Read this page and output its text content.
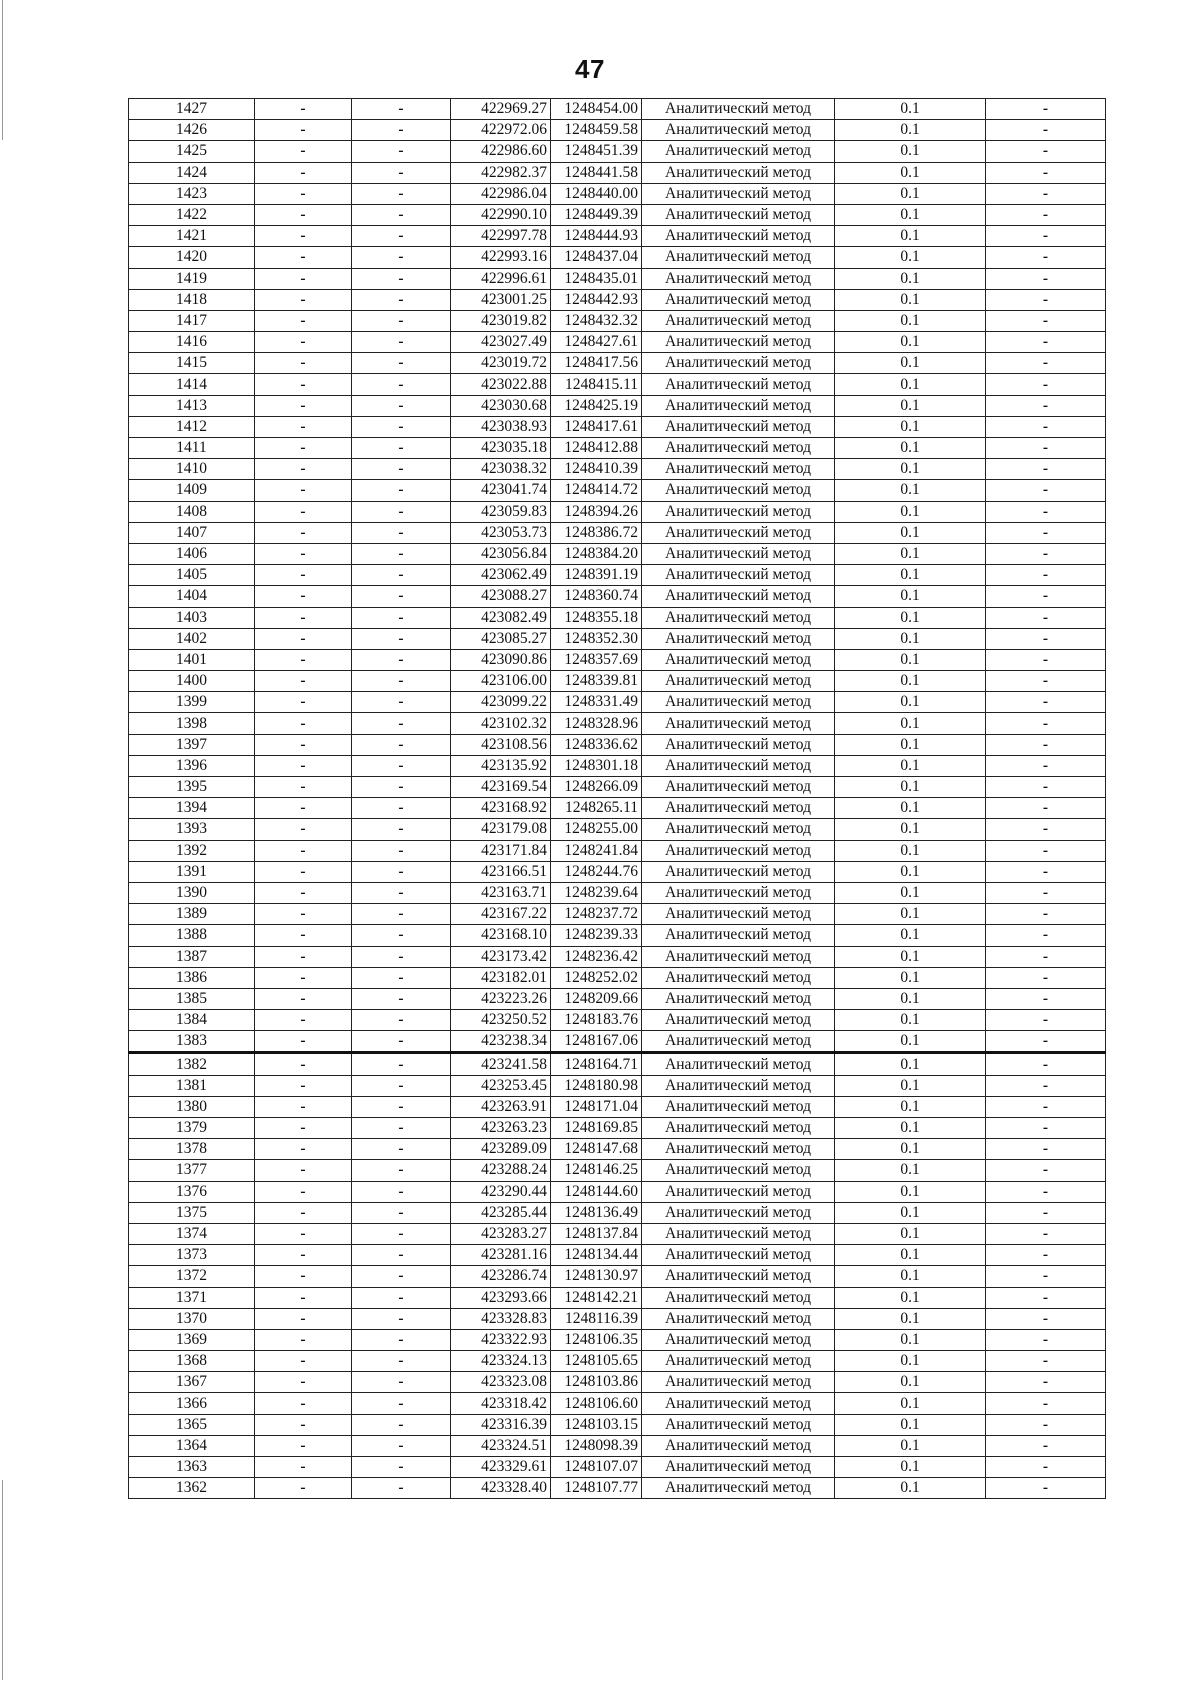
47
1427	-	-	422969.27	1248454.00	Аналитический метод	0.1	-
1426	-	-	422972.06	1248459.58	Аналитический метод	0.1	-
1425	-	-	422986.60	1248451.39	Аналитический метод	0.1	-
1424	-	-	422982.37	1248441.58	Аналитический метод	0.1	-
1423	-	-	422986.04	1248440.00	Аналитический метод	0.1	-
1422	-	-	422990.10	1248449.39	Аналитический метод	0.1	-
1421	-	-	422997.78	1248444.93	Аналитический метод	0.1	-
1420	-	-	422993.16	1248437.04	Аналитический метод	0.1	-
1419	-	-	422996.61	1248435.01	Аналитический метод	0.1	-
1418	-	-	423001.25	1248442.93	Аналитический метод	0.1	-
1417	-	-	423019.82	1248432.32	Аналитический метод	0.1	-
1416	-	-	423027.49	1248427.61	Аналитический метод	0.1	-
1415	-	-	423019.72	1248417.56	Аналитический метод	0.1	-
1414	-	-	423022.88	1248415.11	Аналитический метод	0.1	-
1413	-	-	423030.68	1248425.19	Аналитический метод	0.1	-
1412	-	-	423038.93	1248417.61	Аналитический метод	0.1	-
1411	-	-	423035.18	1248412.88	Аналитический метод	0.1	-
1410	-	-	423038.32	1248410.39	Аналитический метод	0.1	-
1409	-	-	423041.74	1248414.72	Аналитический метод	0.1	-
1408	-	-	423059.83	1248394.26	Аналитический метод	0.1	-
1407	-	-	423053.73	1248386.72	Аналитический метод	0.1	-
1406	-	-	423056.84	1248384.20	Аналитический метод	0.1	-
1405	-	-	423062.49	1248391.19	Аналитический метод	0.1	-
1404	-	-	423088.27	1248360.74	Аналитический метод	0.1	-
1403	-	-	423082.49	1248355.18	Аналитический метод	0.1	-
1402	-	-	423085.27	1248352.30	Аналитический метод	0.1	-
1401	-	-	423090.86	1248357.69	Аналитический метод	0.1	-
1400	-	-	423106.00	1248339.81	Аналитический метод	0.1	-
1399	-	-	423099.22	1248331.49	Аналитический метод	0.1	-
1398	-	-	423102.32	1248328.96	Аналитический метод	0.1	-
1397	-	-	423108.56	1248336.62	Аналитический метод	0.1	-
1396	-	-	423135.92	1248301.18	Аналитический метод	0.1	-
1395	-	-	423169.54	1248266.09	Аналитический метод	0.1	-
1394	-	-	423168.92	1248265.11	Аналитический метод	0.1	-
1393	-	-	423179.08	1248255.00	Аналитический метод	0.1	-
1392	-	-	423171.84	1248241.84	Аналитический метод	0.1	-
1391	-	-	423166.51	1248244.76	Аналитический метод	0.1	-
1390	-	-	423163.71	1248239.64	Аналитический метод	0.1	-
1389	-	-	423167.22	1248237.72	Аналитический метод	0.1	-
1388	-	-	423168.10	1248239.33	Аналитический метод	0.1	-
1387	-	-	423173.42	1248236.42	Аналитический метод	0.1	-
1386	-	-	423182.01	1248252.02	Аналитический метод	0.1	-
1385	-	-	423223.26	1248209.66	Аналитический метод	0.1	-
1384	-	-	423250.52	1248183.76	Аналитический метод	0.1	-
1383	-	-	423238.34	1248167.06	Аналитический метод	0.1	-
1382	-	-	423241.58	1248164.71	Аналитический метод	0.1	-
1381	-	-	423253.45	1248180.98	Аналитический метод	0.1	-
1380	-	-	423263.91	1248171.04	Аналитический метод	0.1	-
1379	-	-	423263.23	1248169.85	Аналитический метод	0.1	-
1378	-	-	423289.09	1248147.68	Аналитический метод	0.1	-
1377	-	-	423288.24	1248146.25	Аналитический метод	0.1	-
1376	-	-	423290.44	1248144.60	Аналитический метод	0.1	-
1375	-	-	423285.44	1248136.49	Аналитический метод	0.1	-
1374	-	-	423283.27	1248137.84	Аналитический метод	0.1	-
1373	-	-	423281.16	1248134.44	Аналитический метод	0.1	-
1372	-	-	423286.74	1248130.97	Аналитический метод	0.1	-
1371	-	-	423293.66	1248142.21	Аналитический метод	0.1	-
1370	-	-	423328.83	1248116.39	Аналитический метод	0.1	-
1369	-	-	423322.93	1248106.35	Аналитический метод	0.1	-
1368	-	-	423324.13	1248105.65	Аналитический метод	0.1	-
1367	-	-	423323.08	1248103.86	Аналитический метод	0.1	-
1366	-	-	423318.42	1248106.60	Аналитический метод	0.1	-
1365	-	-	423316.39	1248103.15	Аналитический метод	0.1	-
1364	-	-	423324.51	1248098.39	Аналитический метод	0.1	-
1363	-	-	423329.61	1248107.07	Аналитический метод	0.1	-
1362	-	-	423328.40	1248107.77	Аналитический метод	0.1	-
